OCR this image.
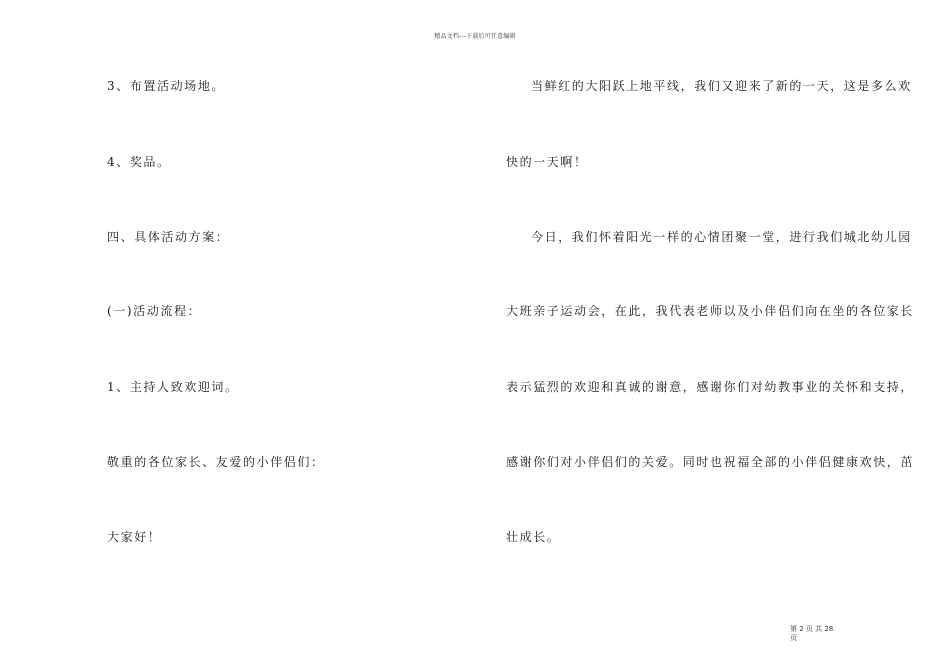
精品文档---下载后可任意编辑
3、布置活动场地。
4、奖品。
四、具体活动方案：
(一)活动流程：
1、主持人致欢迎词。
敬重的各位家长、友爱的小伴侣们：
大家好！
当鲜红的大阳跃上地平线，我们又迎来了新的一天，这是多么欢
快的一天啊！
今日，我们怀着阳光一样的心情团聚一堂，进行我们城北幼儿园
大班亲子运动会，在此，我代表老师以及小伴侣们向在坐的各位家长
表示猛烈的欢迎和真诚的谢意，感谢你们对幼教事业的关怀和支持，
感谢你们对小伴侣们的关爱。同时也祝福全部的小伴侣健康欢快，茁
壮成长。
第 2 页 共 28
页
